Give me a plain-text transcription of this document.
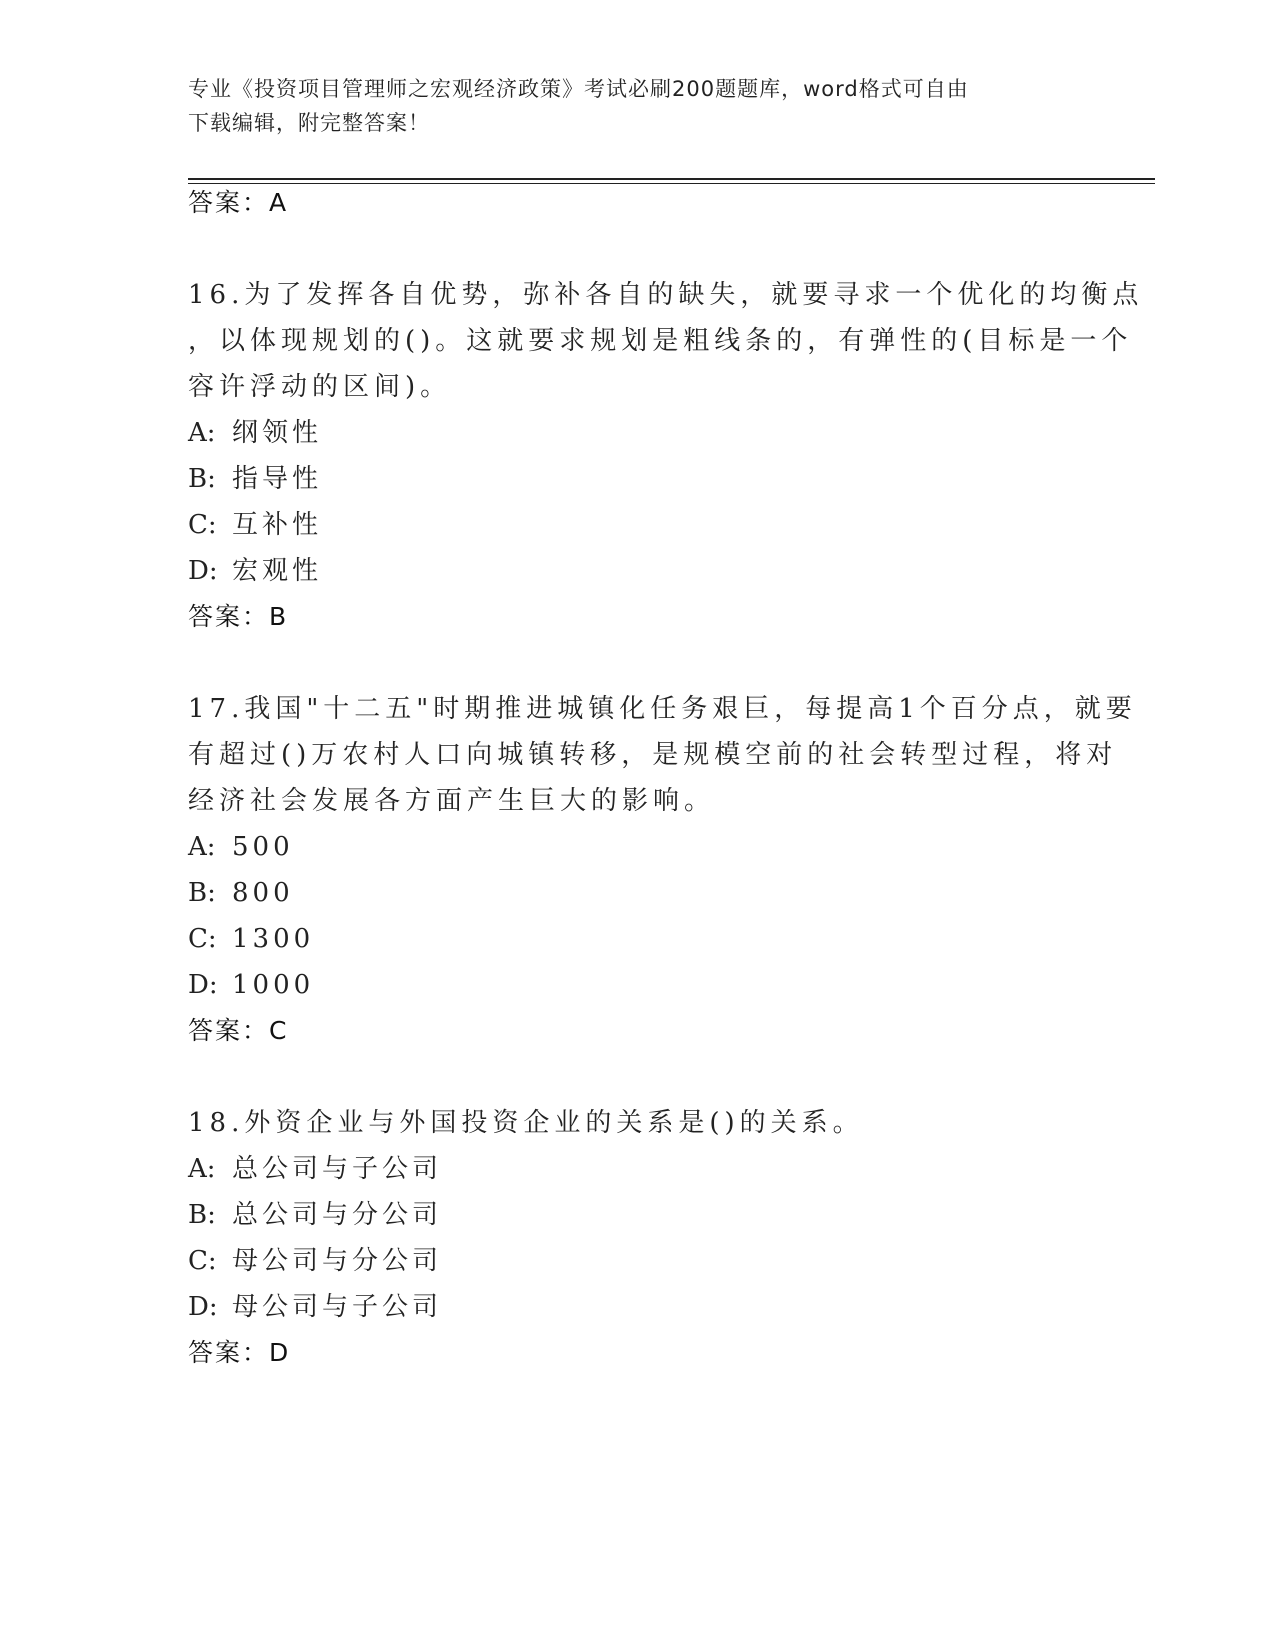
专业《投资项目管理师之宏观经济政策》考试必刷200题题库，word格式可自由
下载编辑，附完整答案！
答案：A
16.为了发挥各自优势，弥补各自的缺失，就要寻求一个优化的均衡点
，以体现规划的()。这就要求规划是粗线条的，有弹性的(目标是一个
容许浮动的区间)。
A: 纲领性
B: 指导性
C: 互补性
D: 宏观性
答案：B
17.我国"十二五"时期推进城镇化任务艰巨，每提高1个百分点，就要
有超过()万农村人口向城镇转移，是规模空前的社会转型过程，将对
经济社会发展各方面产生巨大的影响。
A: 500
B: 800
C: 1300
D: 1000
答案：C
18.外资企业与外国投资企业的关系是()的关系。
A: 总公司与子公司
B: 总公司与分公司
C: 母公司与分公司
D: 母公司与子公司
答案：D
